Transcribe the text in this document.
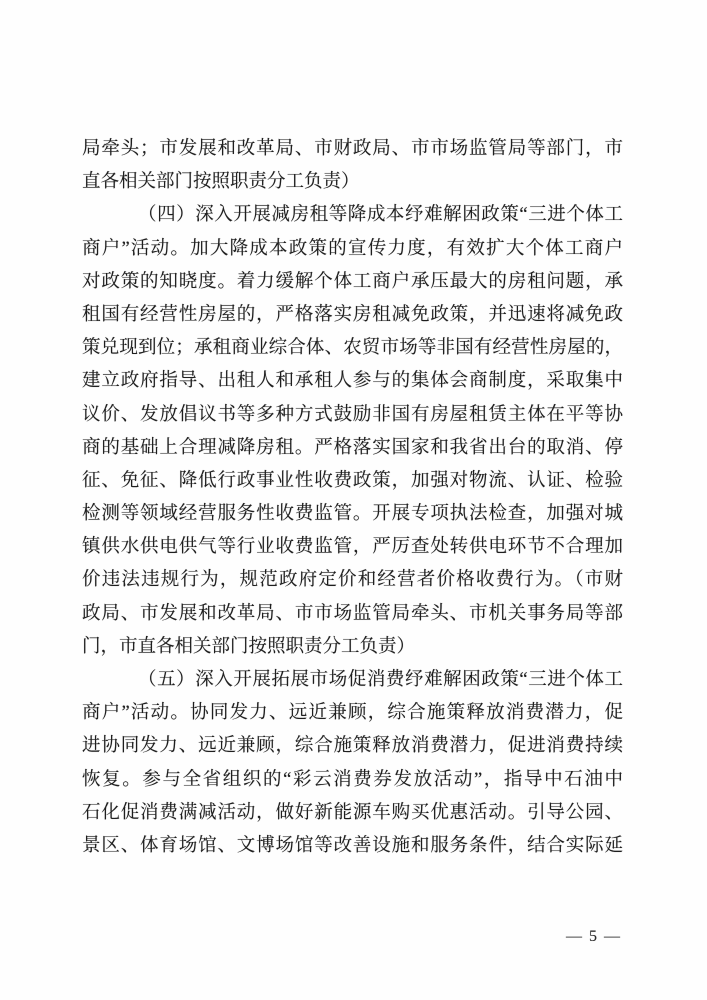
局牵头；市发展和改革局、市财政局、市市场监管局等部门，市
直各相关部门按照职责分工负责）
（四）深入开展减房租等降成本纾难解困政策“三进个体工
商户”活动。加大降成本政策的宣传力度，有效扩大个体工商户
对政策的知晓度。着力缓解个体工商户承压最大的房租问题，承
租国有经营性房屋的，严格落实房租减免政策，并迅速将减免政
策兑现到位；承租商业综合体、农贸市场等非国有经营性房屋的，
建立政府指导、出租人和承租人参与的集体会商制度，采取集中
议价、发放倡议书等多种方式鼓励非国有房屋租赁主体在平等协
商的基础上合理减降房租。严格落实国家和我省出台的取消、停
征、免征、降低行政事业性收费政策，加强对物流、认证、检验
检测等领域经营服务性收费监管。开展专项执法检查，加强对城
镇供水供电供气等行业收费监管，严厉查处转供电环节不合理加
价违法违规行为，规范政府定价和经营者价格收费行为。（市财
政局、市发展和改革局、市市场监管局牵头、市机关事务局等部
门，市直各相关部门按照职责分工负责）
（五）深入开展拓展市场促消费纾难解困政策“三进个体工
商户”活动。协同发力、远近兼顾，综合施策释放消费潜力，促
进协同发力、远近兼顾，综合施策释放消费潜力，促进消费持续
恢复。参与全省组织的“彩云消费券发放活动”，指导中石油中
石化促消费满减活动，做好新能源车购买优惠活动。引导公园、
景区、体育场馆、文博场馆等改善设施和服务条件，结合实际延
— 5 —
